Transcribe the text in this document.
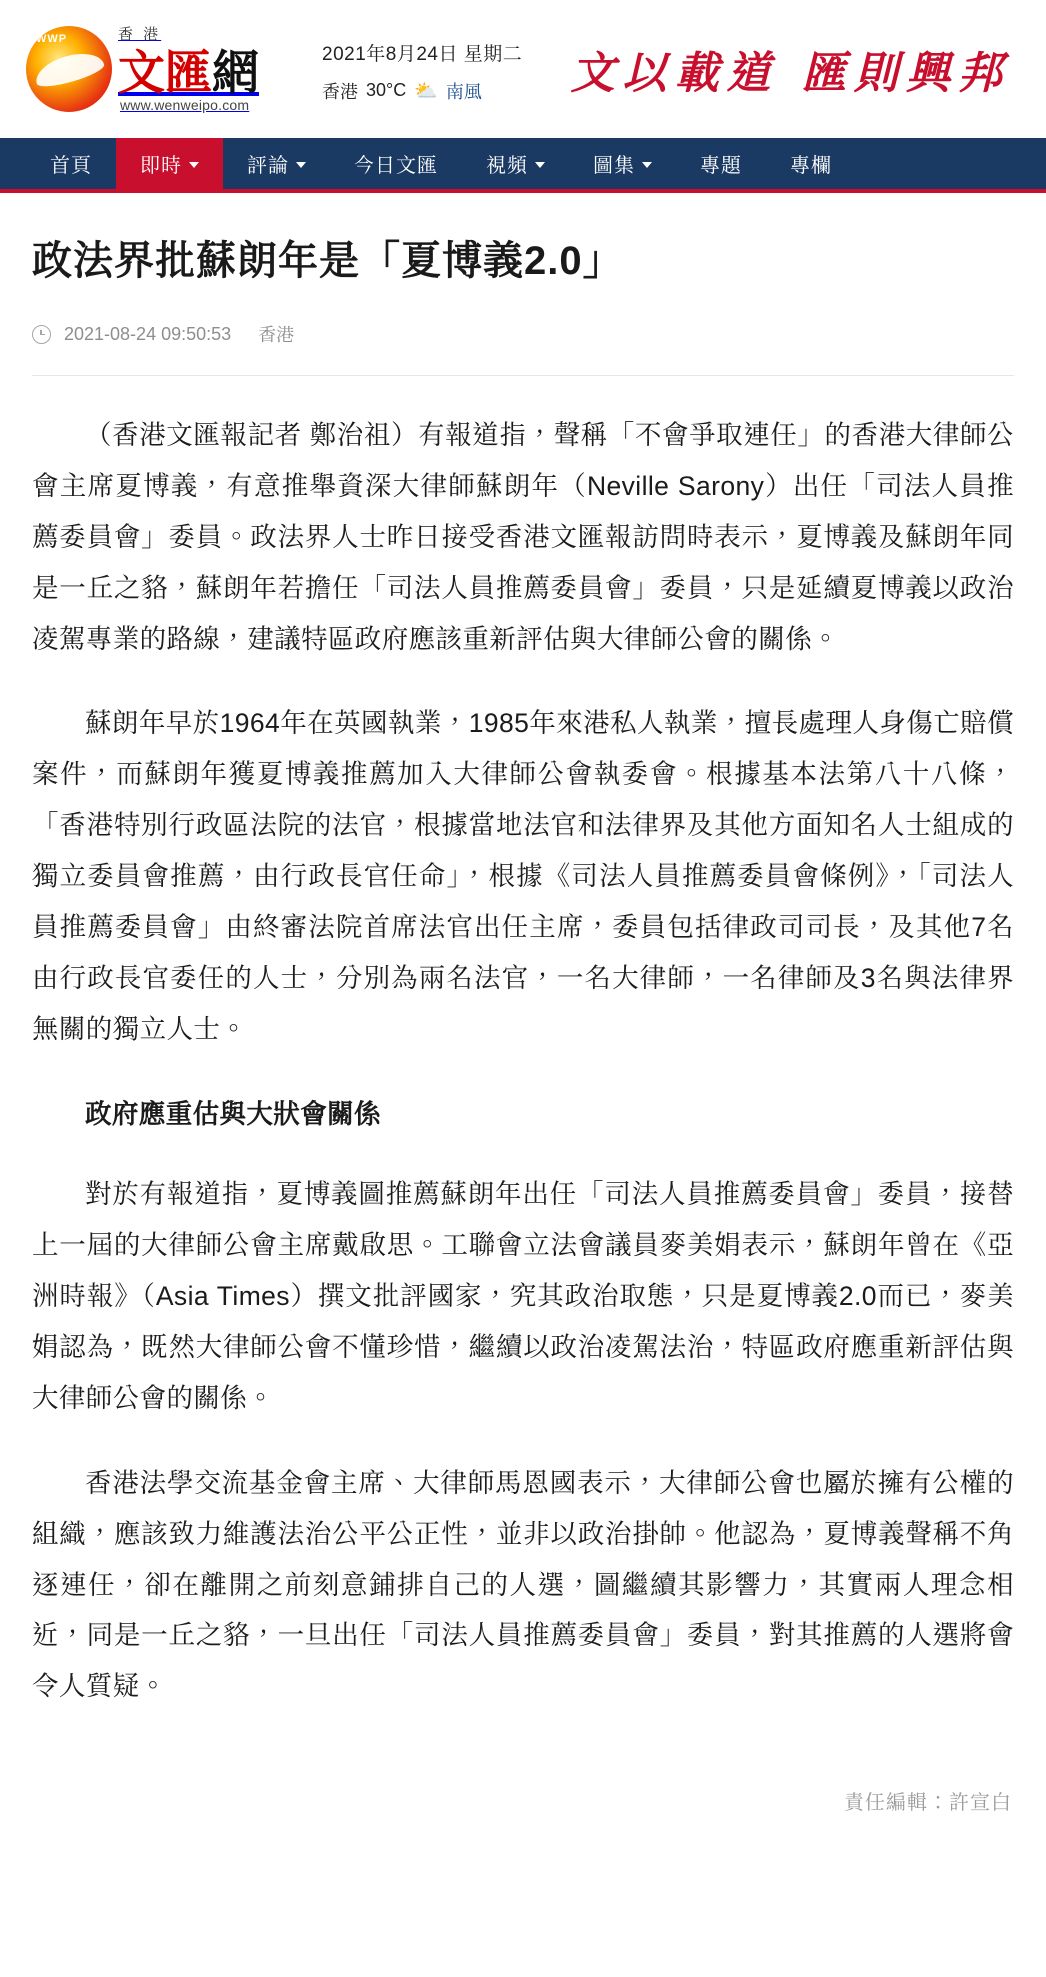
WWP	香 港
文匯 網
www.wenweipo.com
2021年8月24日 星期二
香港 30°C ⛅ 南風	文以載道 匯則興邦
首頁 即時	評論	今日文匯 視頻	圖集	專題 專欄
政法界批蘇朗年是「夏博義2.0」
2021-08-24 09:50:53 香港

（香港文匯報記者 鄭治祖）有報道指，聲稱「不會爭取連任」的香港大律師公會主席夏博義，有意推舉資深大律師蘇朗年（Neville Sarony）出任「司法人員推薦委員會」委員。政法界人士昨日接受香港文匯報訪問時表示，夏博義及蘇朗年同是一丘之貉，蘇朗年若擔任「司法人員推薦委員會」委員，只是延續夏博義以政治凌駕專業的路線，建議特區政府應該重新評估與大律師公會的關係。

蘇朗年早於1964年在英國執業，1985年來港私人執業，擅長處理人身傷亡賠償案件，而蘇朗年獲夏博義推薦加入大律師公會執委會。根據基本法第八十八條，「香港特別行政區法院的法官，根據當地法官和法律界及其他方面知名人士組成的獨立委員會推薦，由行政長官任命」，根據《司法人員推薦委員會條例》，「司法人員推薦委員會」由終審法院首席法官出任主席，委員包括律政司司長，及其他7名由行政長官委任的人士，分別為兩名法官，一名大律師，一名律師及3名與法律界無關的獨立人士。

政府應重估與大狀會關係

對於有報道指，夏博義圖推薦蘇朗年出任「司法人員推薦委員會」委員，接替上一屆的大律師公會主席戴啟思。工聯會立法會議員麥美娟表示，蘇朗年曾在《亞洲時報》（Asia Times）撰文批評國家，究其政治取態，只是夏博義2.0而已，麥美娟認為，既然大律師公會不懂珍惜，繼續以政治凌駕法治，特區政府應重新評估與大律師公會的關係。

香港法學交流基金會主席、大律師馬恩國表示，大律師公會也屬於擁有公權的組織，應該致力維護法治公平公正性，並非以政治掛帥。他認為，夏博義聲稱不角逐連任，卻在離開之前刻意鋪排自己的人選，圖繼續其影響力，其實兩人理念相近，同是一丘之貉，一旦出任「司法人員推薦委員會」委員，對其推薦的人選將會令人質疑。

責任編輯：許宣白
